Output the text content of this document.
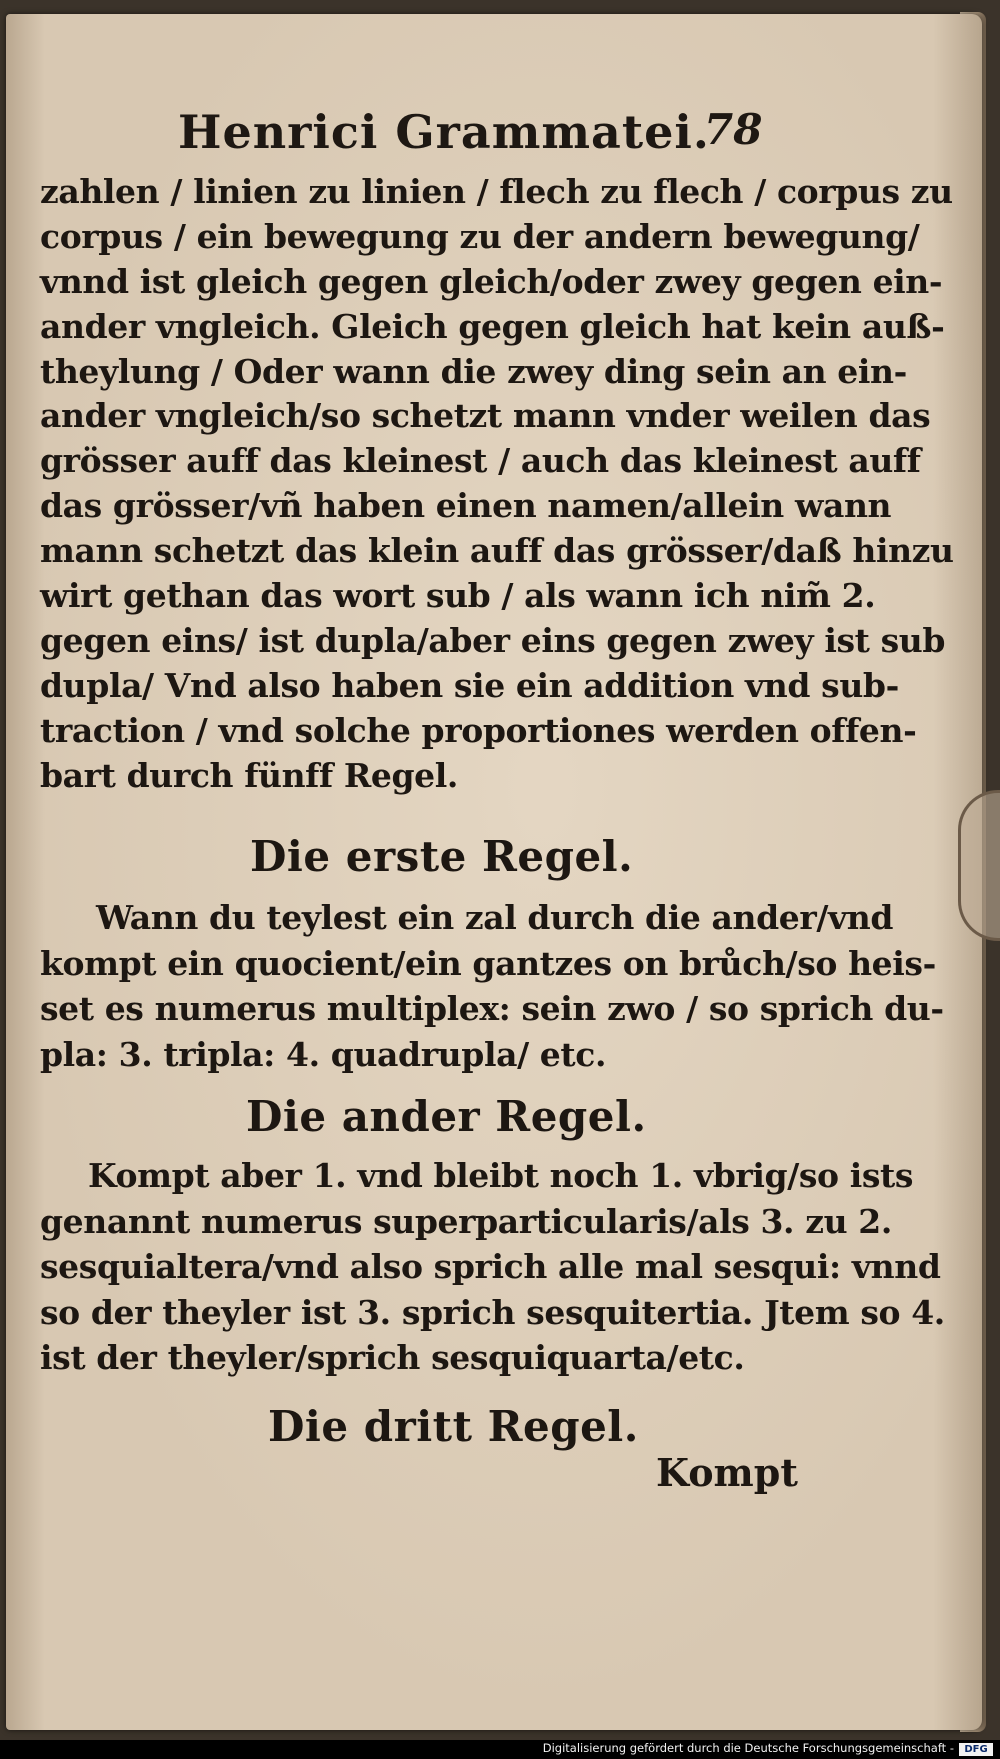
Henrici Grammatei.
78
zahlen / linien zu linien / flech zu flech / corpus zu
corpus / ein bewegung zu der andern bewegung/
vnnd ist gleich gegen gleich/oder zwey gegen ein-
ander vngleich. Gleich gegen gleich hat kein auß-
theylung / Oder wann die zwey ding sein an ein-
ander vngleich/so schetzt mann vnder weilen das
grösser auff das kleinest / auch das kleinest auff
das grösser/vñ haben einen namen/allein wann
mann schetzt das klein auff das grösser/daß hinzu
wirt gethan das wort sub / als wann ich nim̃ 2.
gegen eins/ ist dupla/aber eins gegen zwey ist sub
dupla/ Vnd also haben sie ein addition vnd sub-
traction / vnd solche proportiones werden offen-
bart durch fünff Regel.
Die erste Regel.
Wann du teylest ein zal durch die ander/vnd
kompt ein quocient/ein gantzes on brůch/so heis-
set es numerus multiplex: sein zwo / so sprich du-
pla: 3. tripla: 4. quadrupla/ etc.
Die ander Regel.
Kompt aber 1. vnd bleibt noch 1. vbrig/so ists
genannt numerus superparticularis/als 3. zu 2.
sesquialtera/vnd also sprich alle mal sesqui: vnnd
so der theyler ist 3. sprich sesquitertia. Jtem so 4.
ist der theyler/sprich sesquiquarta/etc.
Die dritt Regel.
Kompt
Digitalisierung gefördert durch die Deutsche Forschungsgemeinschaft -	DFG
